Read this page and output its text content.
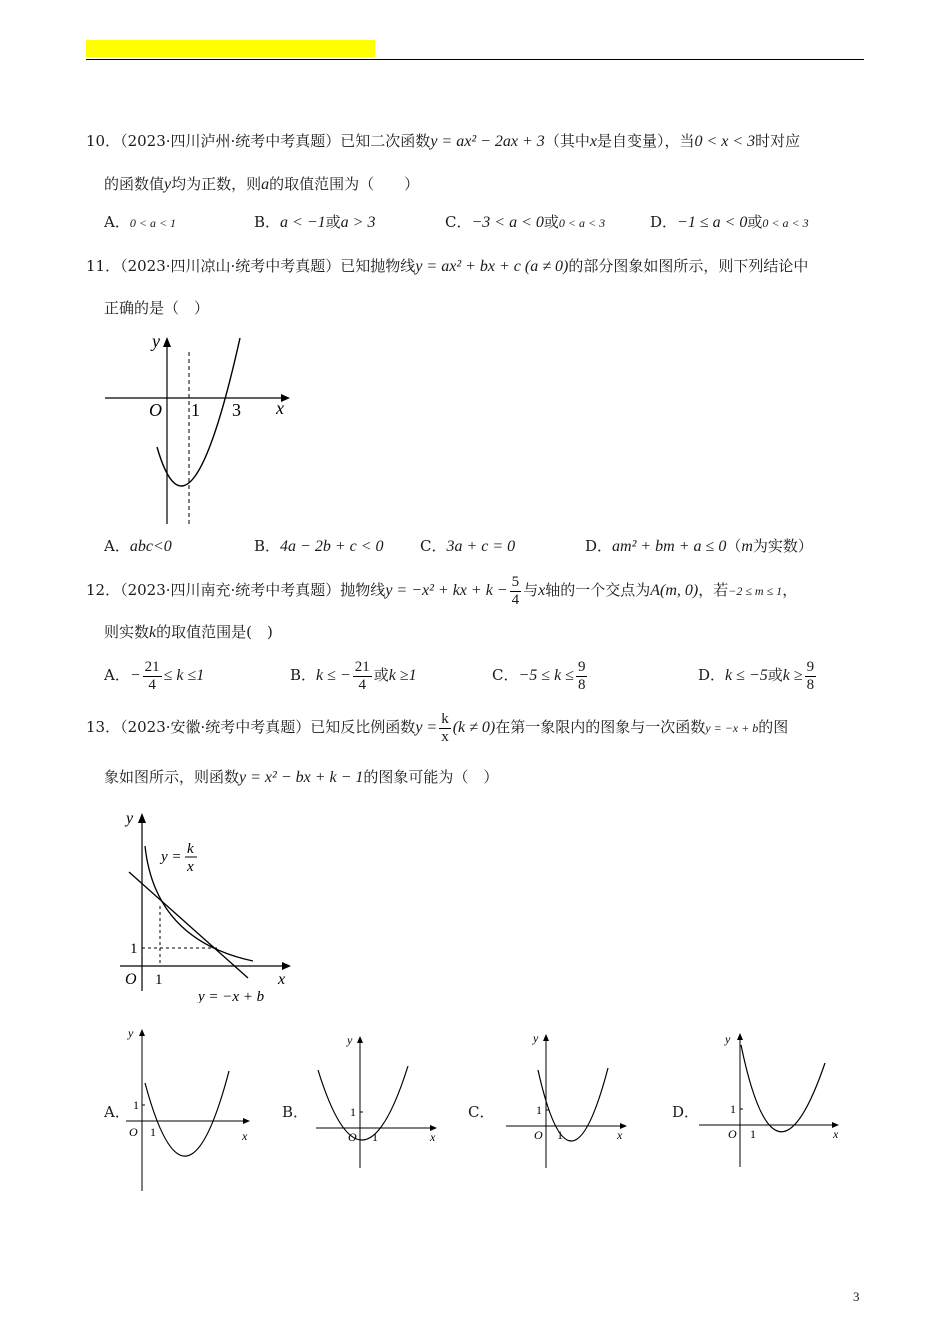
10．（2023·四川泸州·统考中考真题）已知二次函数y = ax² − 2ax + 3（其中x是自变量），当0 < x < 3时对应
的函数值y均为正数，则a的取值范围为（　　）
A．0 < a < 1	B．a < −1或a > 3	C．−3 < a < 0或0 < a < 3	D．−1 ≤ a < 0或0 < a < 3
11．（2023·四川凉山·统考中考真题）已知抛物线y = ax² + bx + c (a ≠ 0)的部分图象如图所示，则下列结论中
正确的是（　）
y
x
O 1 3
A．abc<0	B．4a − 2b + c < 0 C．3a + c = 0	D．am² + bm + a ≤ 0（m为实数）
12．（2023·四川南充·统考中考真题）抛物线y = −x² + kx + $k - \frac{5}{4}$ 与x轴的一个交点为A(m, 0)，若−2 ≤ m ≤ 1，
则实数k的取值范围是(　)
A．− $\frac{21}{4} \le k \le 1$	B．k ≤ − $\frac{21}{4}$ 或k ≥1	C．$-5 \le k \le \frac{9}{8}$	D．k ≤ −5或$k \ge \frac{9}{8}$
13．（2023·安徽·统考中考真题）已知反比例函数$y = \frac{k}{x} (k \ne 0)$在第一象限内的图象与一次函数y = −x + b的图
象如图所示，则函数y = x² − bx + k − 1的图象可能为（　）
y
x
O 1
1
y = k
x
y = −x + b
A．
y
x
O 1
1	B．
y
x
O 1
1	C．
y
x
O 1
1	D．
y
x
O 1
1
3
